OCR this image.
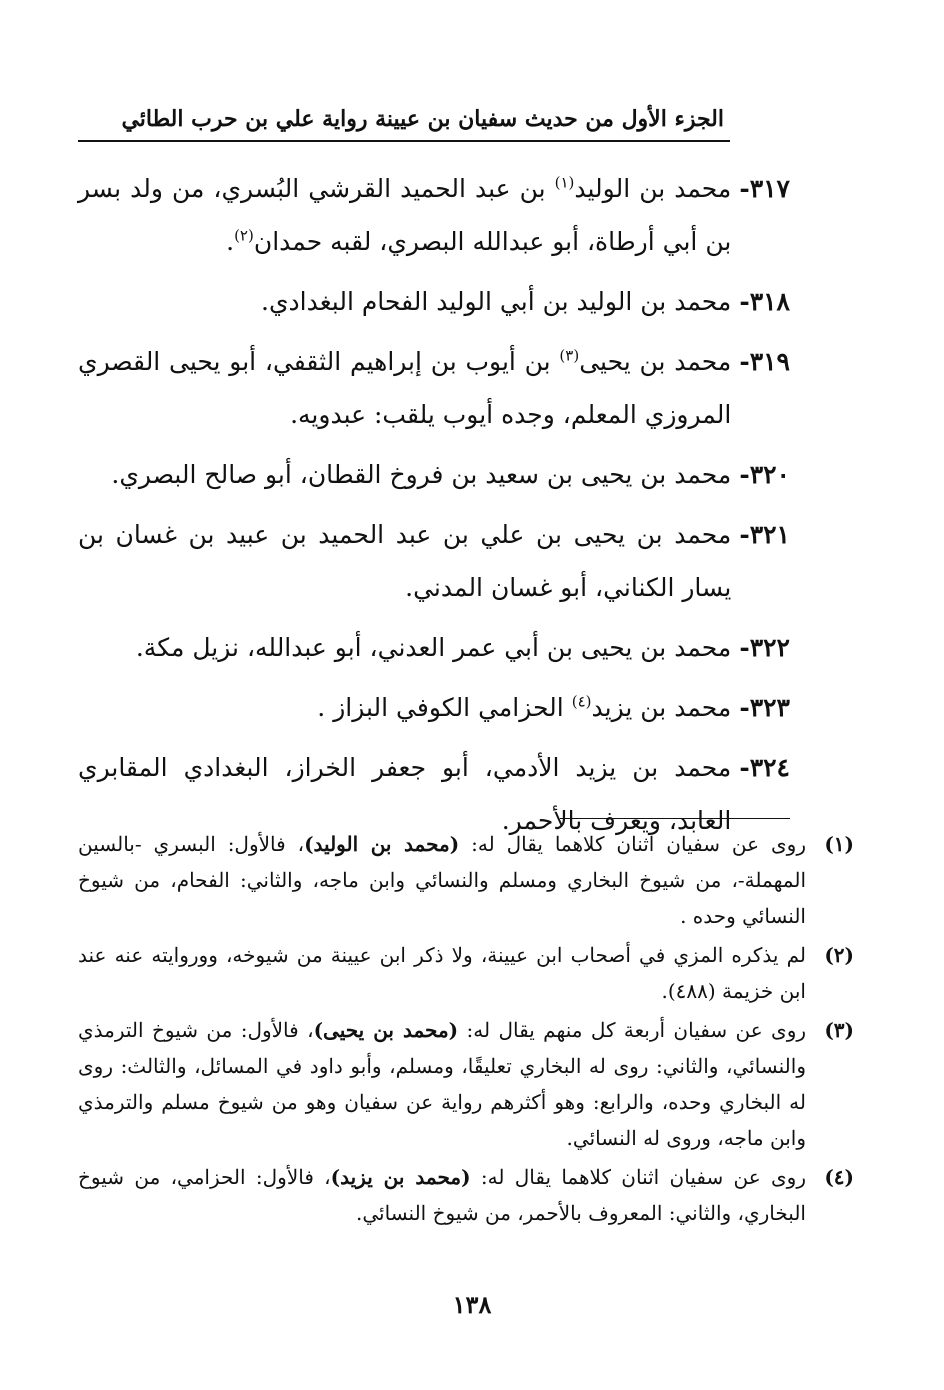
الجزء الأول من حديث سفيان بن عيينة رواية علي بن حرب الطائي
٣١٧-
محمد بن الوليد$^{(١)}$ بن عبد الحميد القرشي البُسري، من ولد بسر بن أبي أرطاة، أبو عبدالله البصري، لقبه حمدان$^{(٢)}$.
٣١٨-
محمد بن الوليد بن أبي الوليد الفحام البغدادي.
٣١٩-
محمد بن يحيى$^{(٣)}$ بن أيوب بن إبراهيم الثقفي، أبو يحيى القصري المروزي المعلم، وجده أيوب يلقب: عبدويه.
٣٢٠-
محمد بن يحيى بن سعيد بن فروخ القطان، أبو صالح البصري.
٣٢١-
محمد بن يحيى بن علي بن عبد الحميد بن عبيد بن غسان بن يسار الكناني، أبو غسان المدني.
٣٢٢-
محمد بن يحيى بن أبي عمر العدني، أبو عبدالله، نزيل مكة.
٣٢٣-
محمد بن يزيد$^{(٤)}$ الحزامي الكوفي البزاز .
٣٢٤-
محمد بن يزيد الأدمي، أبو جعفر الخراز، البغدادي المقابري العابد، ويعرف بالأحمر.
(١)
روى عن سفيان اثنان كلاهما يقال له: (محمد بن الوليد)، فالأول: البسري -بالسين المهملة-، من شيوخ البخاري ومسلم والنسائي وابن ماجه، والثاني: الفحام، من شيوخ النسائي وحده .
(٢)
لم يذكره المزي في أصحاب ابن عيينة، ولا ذكر ابن عيينة من شيوخه، ووروايته عنه عند ابن خزيمة (٤٨٨).
(٣)
روى عن سفيان أربعة كل منهم يقال له: (محمد بن يحيى)، فالأول: من شيوخ الترمذي والنسائي، والثاني: روى له البخاري تعليقًا، ومسلم، وأبو داود في المسائل، والثالث: روى له البخاري وحده، والرابع: وهو أكثرهم رواية عن سفيان وهو من شيوخ مسلم والترمذي وابن ماجه، وروى له النسائي.
(٤)
روى عن سفيان اثنان كلاهما يقال له: (محمد بن يزيد)، فالأول: الحزامي، من شيوخ البخاري، والثاني: المعروف بالأحمر، من شيوخ النسائي.
١٣٨
